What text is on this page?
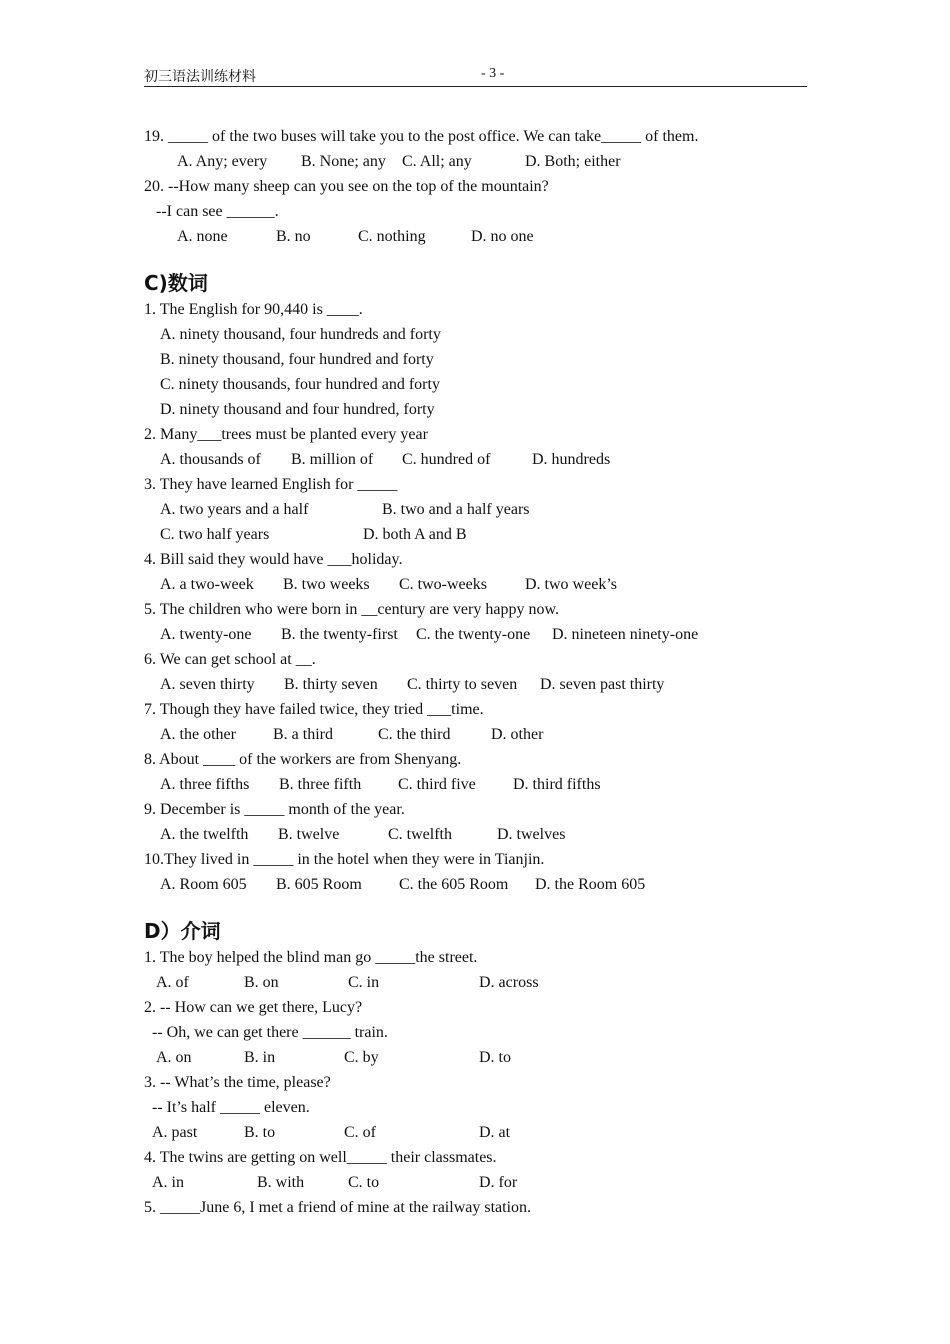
初三语法训练材料	- 3 -
19. _____ of the two buses will take you to the post office. We can take_____ of them.

A. Any; every

B. None; any

C. All; any

	D. Both; either

20. --How many sheep can you see on the top of the mountain?
--I can see ______.

A. none

	B. no

	C. nothing

	D. no one

C)数词
1. The English for 90,440 is ____.
A. ninety thousand, four hundreds and forty
B. ninety thousand, four hundred and forty
C. ninety thousands, four hundred and forty
D. ninety thousand and four hundred, forty
2. Many___trees must be planted every year

A. thousands of

B. million of

C. hundred of

	D. hundreds

3. They have learned English for _____

A. two years and a half

	B. two and a half years

C. two half years

	D. both A and B

4. Bill said they would have ___holiday.

A. a two-week

B. two weeks

C. two-weeks

D. two week’s

5. The children who were born in __century are very happy now.

A. twenty-one

B. the twenty-first

C. the twenty-one

D. nineteen ninety-one

6. We can get school at __.

A. seven thirty

B. thirty seven

C. thirty to seven

D. seven past thirty

7. Though they have failed twice, they tried ___time.

A. the other

B. a third

	C. the third

	D. other

8. About ____ of the workers are from Shenyang.

A. three fifths

B. three fifth

C. third five

D. third fifths

9. December is _____ month of the year.

A. the twelfth

B. twelve

	C. twelfth

	D. twelves

10.They lived in _____ in the hotel when they were in Tianjin.

A. Room 605

B. 605 Room

C. the 605 Room

D. the Room 605

D）介词
1. The boy helped the blind man go _____the street.

A. of

	B. on

	C. in

	D. across

2. -- How can we get there, Lucy?
-- Oh, we can get there ______ train.

A. on

	B. in

	C. by

	D. to

3. -- What’s the time, please?
-- It’s half _____ eleven.

A. past

	B. to

	C. of

	D. at

4. The twins are getting on well_____ their classmates.

A. in

	B. with

	C. to

	D. for

5. _____June 6, I met a friend of mine at the railway station.
